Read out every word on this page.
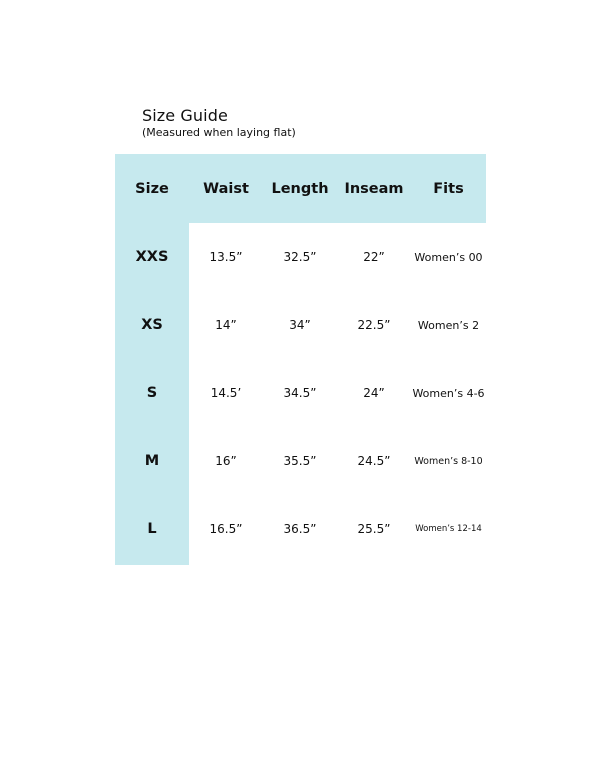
Size Guide

(Measured when laying flat)

Size	Waist	Length	Inseam	Fits
XXS	13.5”	32.5”	22”	Women’s 00
XS	14”	34”	22.5”	Women’s 2
S	14.5’	34.5”	24”	Women’s 4-6
M	16”	35.5”	24.5”	Women’s 8-10
L	16.5”	36.5”	25.5”	Women’s 12-14
